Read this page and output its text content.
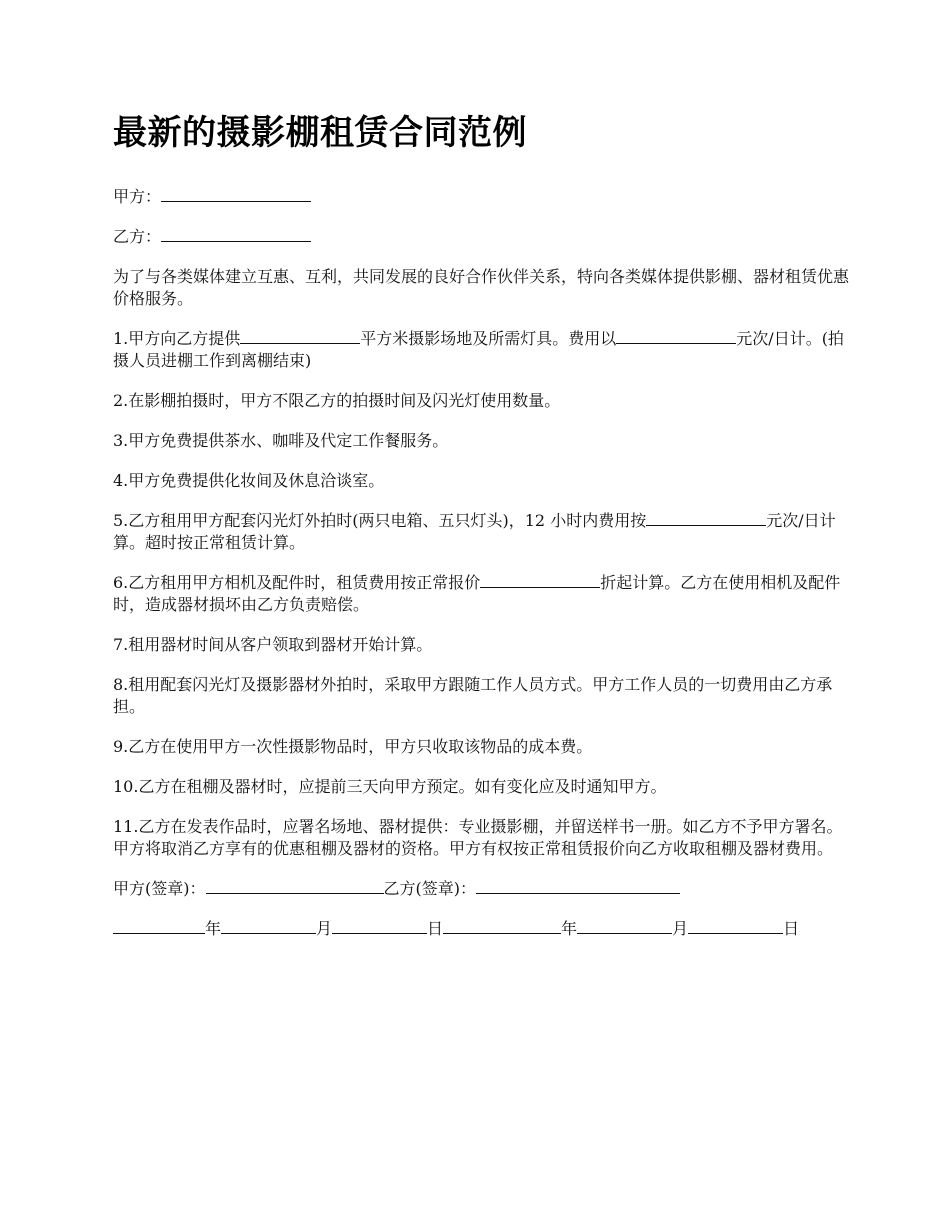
最新的摄影棚租赁合同范例

甲方：

乙方：

为了与各类媒体建立互惠、互利，共同发展的良好合作伙伴关系，特向各类媒体提供影棚、器材租赁优惠价格服务。

1.甲方向乙方提供	平方米摄影场地及所需灯具。费用以	元次/日计。(拍摄人员进棚工作到离棚结束)

2.在影棚拍摄时，甲方不限乙方的拍摄时间及闪光灯使用数量。

3.甲方免费提供茶水、咖啡及代定工作餐服务。

4.甲方免费提供化妆间及休息洽谈室。

5.乙方租用甲方配套闪光灯外拍时(两只电箱、五只灯头)，12 小时内费用按	元次/日计算。超时按正常租赁计算。

6.乙方租用甲方相机及配件时，租赁费用按正常报价	折起计算。乙方在使用相机及配件时，造成器材损坏由乙方负责赔偿。

7.租用器材时间从客户领取到器材开始计算。

8.租用配套闪光灯及摄影器材外拍时，采取甲方跟随工作人员方式。甲方工作人员的一切费用由乙方承担。

9.乙方在使用甲方一次性摄影物品时，甲方只收取该物品的成本费。

10.乙方在租棚及器材时，应提前三天向甲方预定。如有变化应及时通知甲方。

11.乙方在发表作品时，应署名场地、器材提供：专业摄影棚，并留送样书一册。如乙方不予甲方署名。甲方将取消乙方享有的优惠租棚及器材的资格。甲方有权按正常租赁报价向乙方收取租棚及器材费用。

甲方(签章)：	乙方(签章)：

年	月	日	年	月	日
